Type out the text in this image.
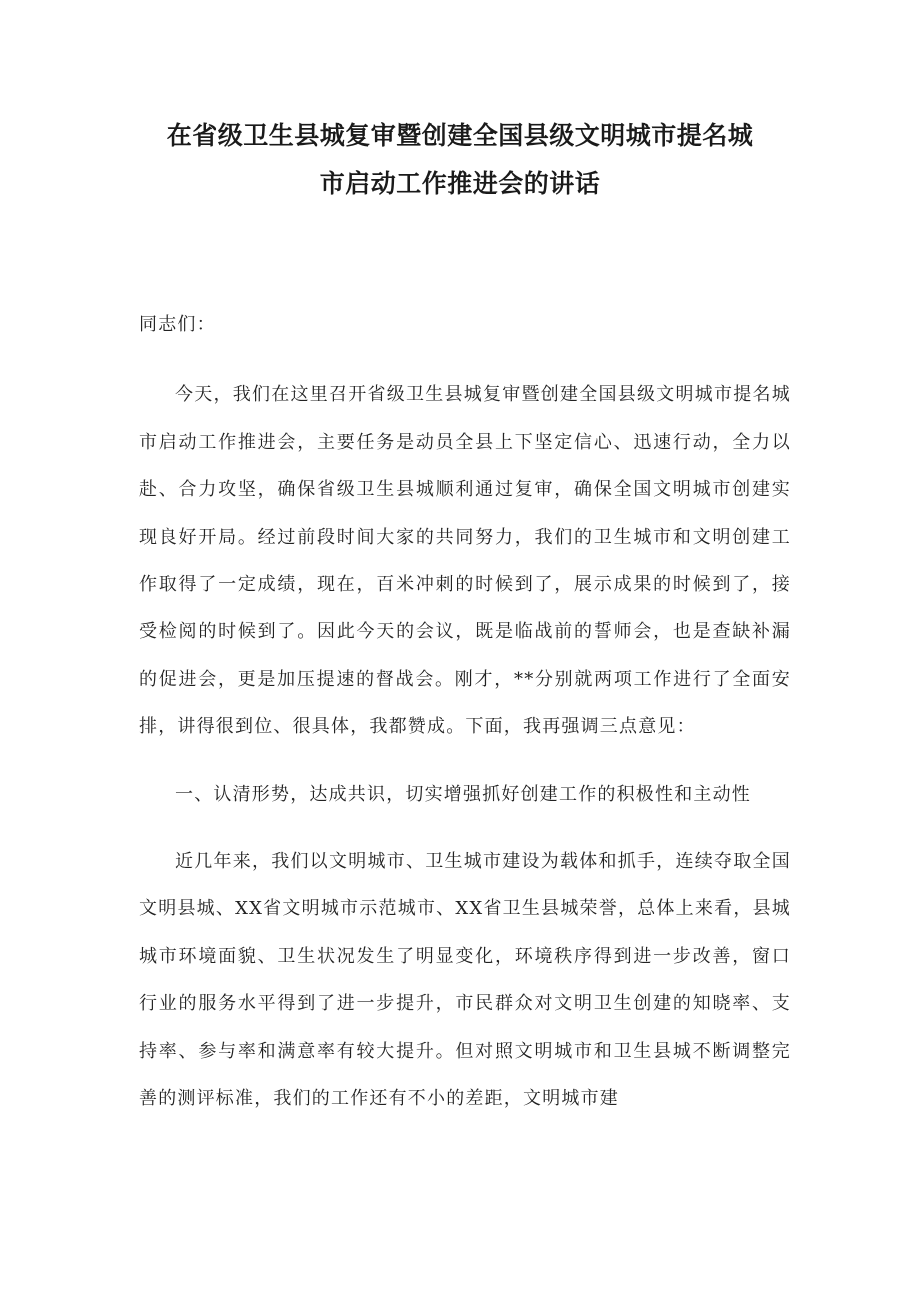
在省级卫生县城复审暨创建全国县级文明城市提名城
市启动工作推进会的讲话

同志们：

今天，我们在这里召开省级卫生县城复审暨创建全国县级文明城市提名城市启动工作推进会，主要任务是动员全县上下坚定信心、迅速行动，全力以赴、合力攻坚，确保省级卫生县城顺利通过复审，确保全国文明城市创建实现良好开局。经过前段时间大家的共同努力，我们的卫生城市和文明创建工作取得了一定成绩，现在，百米冲刺的时候到了，展示成果的时候到了，接受检阅的时候到了。因此今天的会议，既是临战前的誓师会，也是查缺补漏的促进会，更是加压提速的督战会。刚才，**分别就两项工作进行了全面安排，讲得很到位、很具体，我都赞成。下面，我再强调三点意见：

一、认清形势，达成共识，切实增强抓好创建工作的积极性和主动性

近几年来，我们以文明城市、卫生城市建设为载体和抓手，连续夺取全国文明县城、XX省文明城市示范城市、XX省卫生县城荣誉，总体上来看，县城城市环境面貌、卫生状况发生了明显变化，环境秩序得到进一步改善，窗口行业的服务水平得到了进一步提升，市民群众对文明卫生创建的知晓率、支持率、参与率和满意率有较大提升。但对照文明城市和卫生县城不断调整完善的测评标准，我们的工作还有不小的差距，文明城市建
